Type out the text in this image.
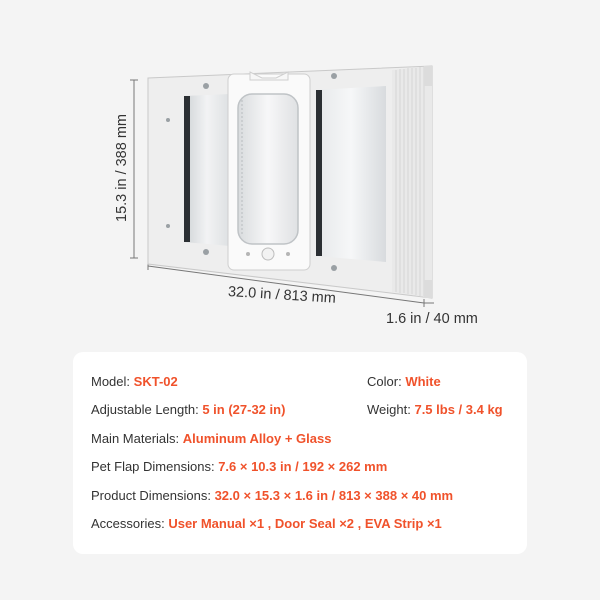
15.3 in / 388 mm
32.0 in / 813 mm
1.6 in / 40 mm
Model: SKT-02	Color: White
Adjustable Length: 5 in (27-32 in)	Weight: 7.5 lbs / 3.4 kg
Main Materials: Aluminum Alloy + Glass
Pet Flap Dimensions: 7.6 × 10.3 in / 192 × 262 mm
Product Dimensions: 32.0 × 15.3 × 1.6 in / 813 × 388 × 40 mm
Accessories: User Manual ×1 , Door Seal ×2 , EVA Strip ×1
